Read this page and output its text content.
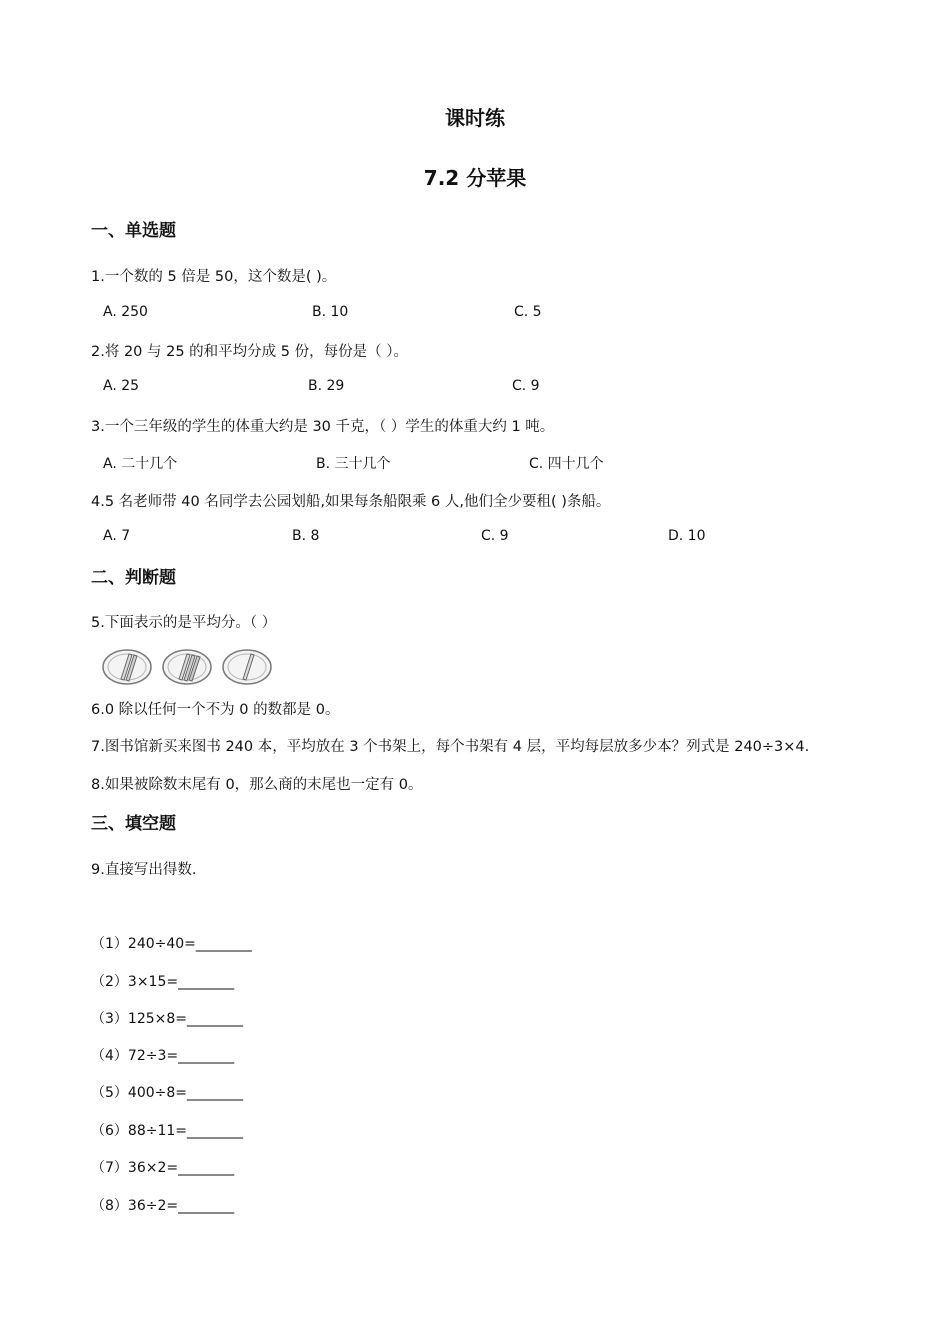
课时练
7.2 分苹果
一、单选题
1.一个数的 5 倍是 50，这个数是( )。
A. 250	B. 10	C. 5
2.将 20 与 25 的和平均分成 5 份，每份是（ ）。
A. 25	B. 29	C. 9
3.一个三年级的学生的体重大约是 30 千克，（ ）学生的体重大约 1 吨。
A. 二十几个	B. 三十几个	C. 四十几个
4.5 名老师带 40 名同学去公园划船,如果每条船限乘 6 人,他们全少要租( )条船。
A. 7	B. 8	C. 9	D. 10
二、判断题
5.下面表示的是平均分。（ ）
6.0 除以任何一个不为 0 的数都是 0。
7.图书馆新买来图书 240 本，平均放在 3 个书架上，每个书架有 4 层，平均每层放多少本？列式是 240÷3×4.
8.如果被除数末尾有 0，那么商的末尾也一定有 0。
三、填空题
9.直接写出得数.
（1）240÷40=________
（2）3×15=________
（3）125×8=________
（4）72÷3=________
（5）400÷8=________
（6）88÷11=________
（7）36×2=________
（8）36÷2=________
